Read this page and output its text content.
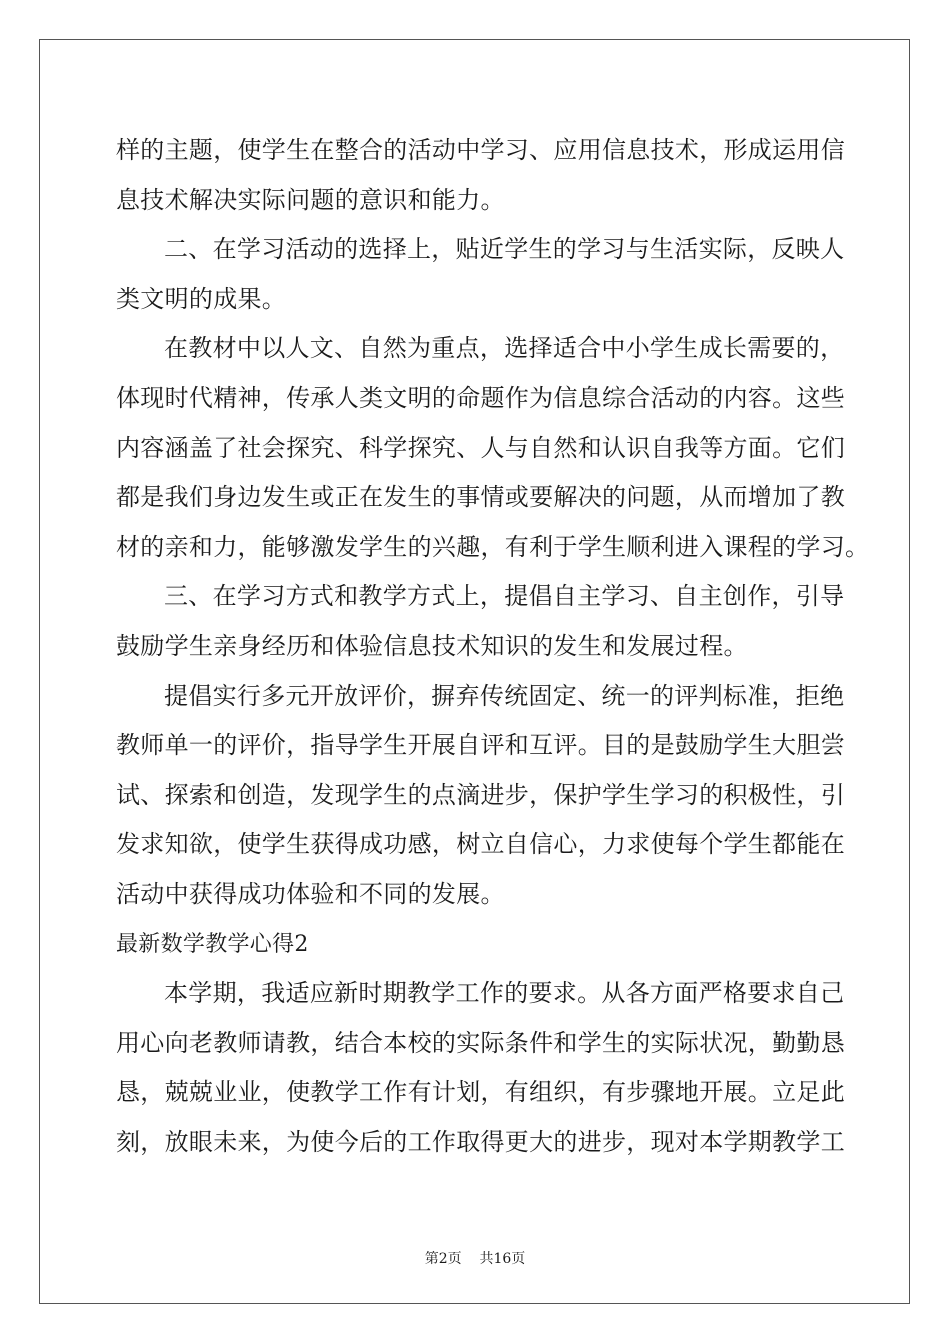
样的主题，使学生在整合的活动中学习、应用信息技术，形成运用信
息技术解决实际问题的意识和能力。
二、在学习活动的选择上，贴近学生的学习与生活实际，反映人
类文明的成果。
在教材中以人文、自然为重点，选择适合中小学生成长需要的，
体现时代精神，传承人类文明的命题作为信息综合活动的内容。这些
内容涵盖了社会探究、科学探究、人与自然和认识自我等方面。它们
都是我们身边发生或正在发生的事情或要解决的问题，从而增加了教
材的亲和力，能够激发学生的兴趣，有利于学生顺利进入课程的学习。
三、在学习方式和教学方式上，提倡自主学习、自主创作，引导
鼓励学生亲身经历和体验信息技术知识的发生和发展过程。
提倡实行多元开放评价，摒弃传统固定、统一的评判标准，拒绝
教师单一的评价，指导学生开展自评和互评。目的是鼓励学生大胆尝
试、探索和创造，发现学生的点滴进步，保护学生学习的积极性，引
发求知欲，使学生获得成功感，树立自信心，力求使每个学生都能在
活动中获得成功体验和不同的发展。
最新数学教学心得2
本学期，我适应新时期教学工作的要求。从各方面严格要求自己
用心向老教师请教，结合本校的实际条件和学生的实际状况，勤勤恳
恳，兢兢业业，使教学工作有计划，有组织，有步骤地开展。立足此
刻，放眼未来，为使今后的工作取得更大的进步，现对本学期教学工
第2页 共16页
